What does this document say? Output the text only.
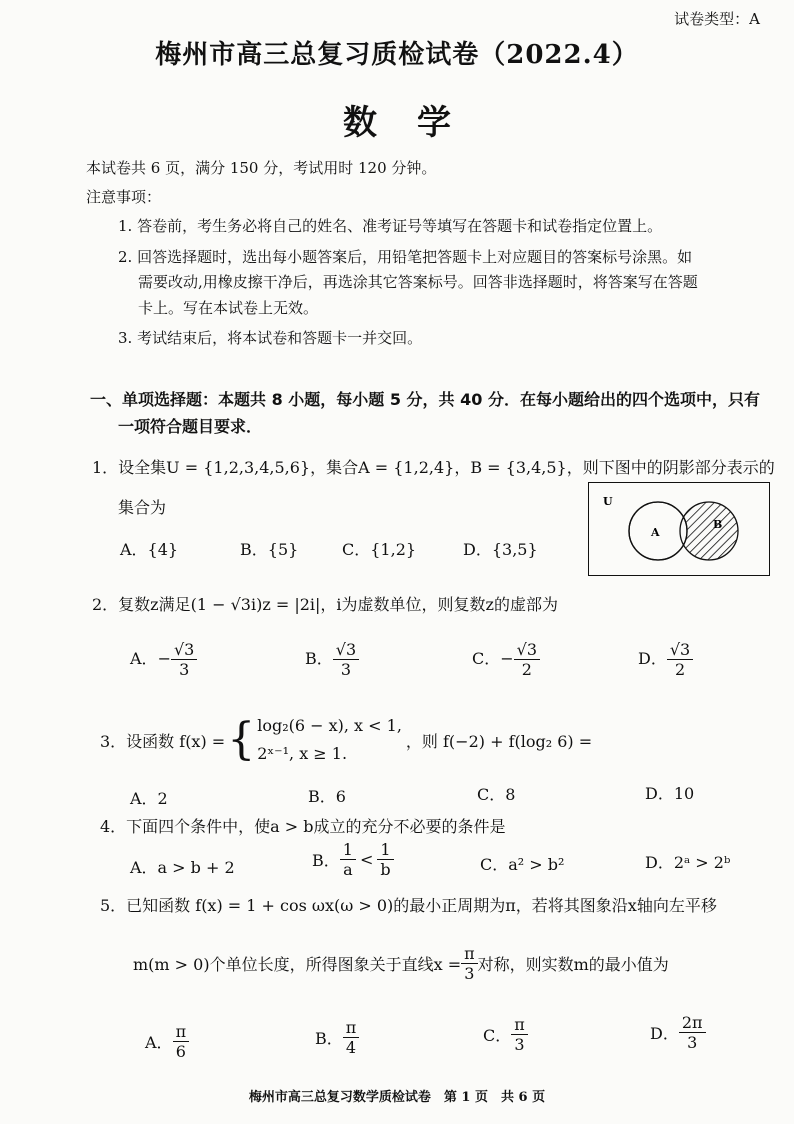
试卷类型：A
梅州市高三总复习质检试卷（2022.4）
数学
本试卷共 6 页，满分 150 分，考试用时 120 分钟。
注意事项：
1. 答卷前，考生务必将自己的姓名、准考证号等填写在答题卡和试卷指定位置上。
2. 回答选择题时，选出每小题答案后，用铅笔把答题卡上对应题目的答案标号涂黑。如
需要改动,用橡皮擦干净后，再选涂其它答案标号。回答非选择题时，将答案写在答题
卡上。写在本试卷上无效。
3. 考试结束后，将本试卷和答题卡一并交回。
一、单项选择题：本题共 8 小题，每小题 5 分，共 40 分．在每小题给出的四个选项中，只有
一项符合题目要求．
1．设全集U = {1,2,3,4,5,6}，集合A = {1,2,4}，B = {3,4,5}，则下图中的阴影部分表示的
集合为
A．{4}	B．{5}	C．{1,2}	D．{3,5}
U
A
B
2．复数z满足(1 − √3i)z = |2i|，i为虚数单位，则复数z的虚部为
A．− $\frac{√3}{3}$	B． $\frac{√3}{3}$	C．− $\frac{√3}{2}$	D． $\frac{√3}{2}$
3．设函数 f(x) = { log₂(6 − x), x < 1,
2ˣ⁻¹, x ≥ 1.
，则 f(−2) + f(log₂ 6) =
A．2	B．6	C．8	D．10
4．下面四个条件中，使a > b成立的充分不必要的条件是
A．a > b + 2	B． $\frac{1}{a} < \frac{1}{b}$	C．a² > b²	D．2ᵃ > 2ᵇ
5．已知函数 f(x) = 1 + cos ωx(ω > 0)的最小正周期为π，若将其图象沿x轴向左平移
m(m > 0)个单位长度，所得图象关于直线$x = \frac{\pi}{3}$ 对称，则实数m的最小值为
A． $\frac{\pi}{6}$	B． $\frac{\pi}{4}$	C． $\frac{\pi}{3}$	D． $\frac{2\pi}{3}$
梅州市高三总复习数学质检试卷　第 1 页　共 6 页
